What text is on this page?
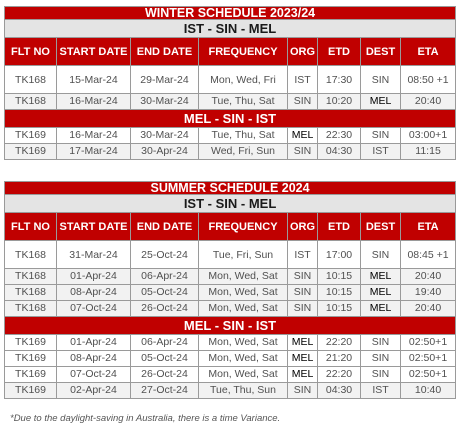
WINTER SCHEDULE 2023/24							
IST - SIN - MEL							
FLT NO	START DATE	END DATE	FREQUENCY	ORG	ETD	DEST	ETA
TK168	15-Mar-24	29-Mar-24	Mon, Wed, Fri	IST	17:30	SIN	08:50 +1
TK168	16-Mar-24	30-Mar-24	Tue, Thu, Sat	SIN	10:20	MEL	20:40
MEL - SIN - IST							
TK169	16-Mar-24	30-Mar-24	Tue, Thu, Sat	MEL	22:30	SIN	03:00+1
TK169	17-Mar-24	30-Apr-24	Wed, Fri, Sun	SIN	04:30	IST	11:15
SUMMER SCHEDULE 2024							
IST - SIN - MEL							
FLT NO	START DATE	END DATE	FREQUENCY	ORG	ETD	DEST	ETA
TK168	31-Mar-24	25-Oct-24	Tue, Fri, Sun	IST	17:00	SIN	08:45 +1
TK168	01-Apr-24	06-Apr-24	Mon, Wed, Sat	SIN	10:15	MEL	20:40
TK168	08-Apr-24	05-Oct-24	Mon, Wed, Sat	SIN	10:15	MEL	19:40
TK168	07-Oct-24	26-Oct-24	Mon, Wed, Sat	SIN	10:15	MEL	20:40
MEL - SIN - IST							
TK169	01-Apr-24	06-Apr-24	Mon, Wed, Sat	MEL	22:20	SIN	02:50+1
TK169	08-Apr-24	05-Oct-24	Mon, Wed, Sat	MEL	21:20	SIN	02:50+1
TK169	07-Oct-24	26-Oct-24	Mon, Wed, Sat	MEL	22:20	SIN	02:50+1
TK169	02-Apr-24	27-Oct-24	Tue, Thu, Sun	SIN	04:30	IST	10:40
*Due to the daylight-saving in Australia, there is a time Variance.
